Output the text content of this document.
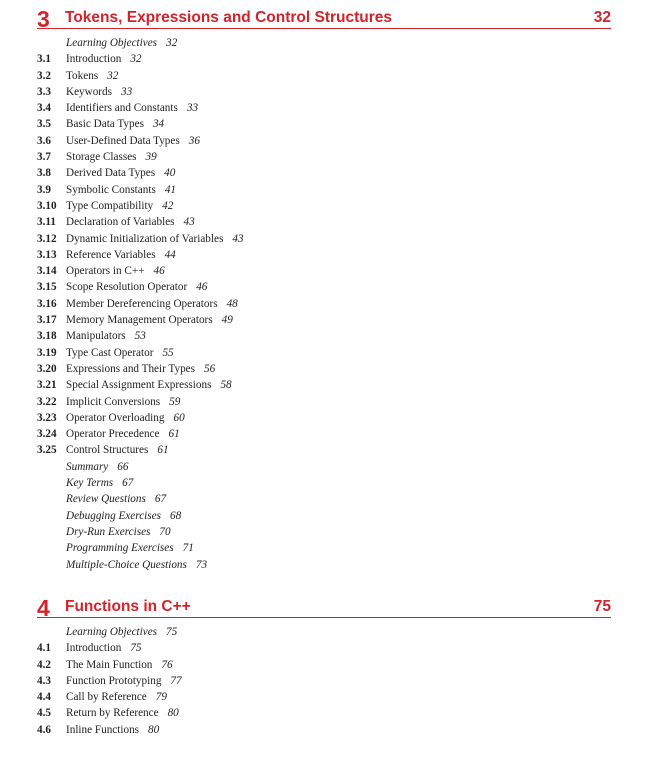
3 Tokens, Expressions and Control Structures	32
Learning Objectives 32
3.1	Introduction 32
3.2	Tokens 32
3.3	Keywords 33
3.4	Identifiers and Constants 33
3.5	Basic Data Types 34
3.6	User-Defined Data Types 36
3.7	Storage Classes 39
3.8	Derived Data Types 40
3.9	Symbolic Constants 41
3.10 Type Compatibility 42
3.11 Declaration of Variables 43
3.12 Dynamic Initialization of Variables 43
3.13 Reference Variables 44
3.14 Operators in C++ 46
3.15 Scope Resolution Operator 46
3.16 Member Dereferencing Operators 48
3.17 Memory Management Operators 49
3.18 Manipulators 53
3.19 Type Cast Operator 55
3.20 Expressions and Their Types 56
3.21 Special Assignment Expressions 58
3.22 Implicit Conversions 59
3.23 Operator Overloading 60
3.24 Operator Precedence 61
3.25 Control Structures 61
Summary 66
Key Terms 67
Review Questions 67
Debugging Exercises 68
Dry-Run Exercises 70
Programming Exercises 71
Multiple-Choice Questions 73
4 Functions in C++	75
Learning Objectives 75
4.1	Introduction 75
4.2	The Main Function 76
4.3	Function Prototyping 77
4.4	Call by Reference 79
4.5	Return by Reference 80
4.6	Inline Functions 80
